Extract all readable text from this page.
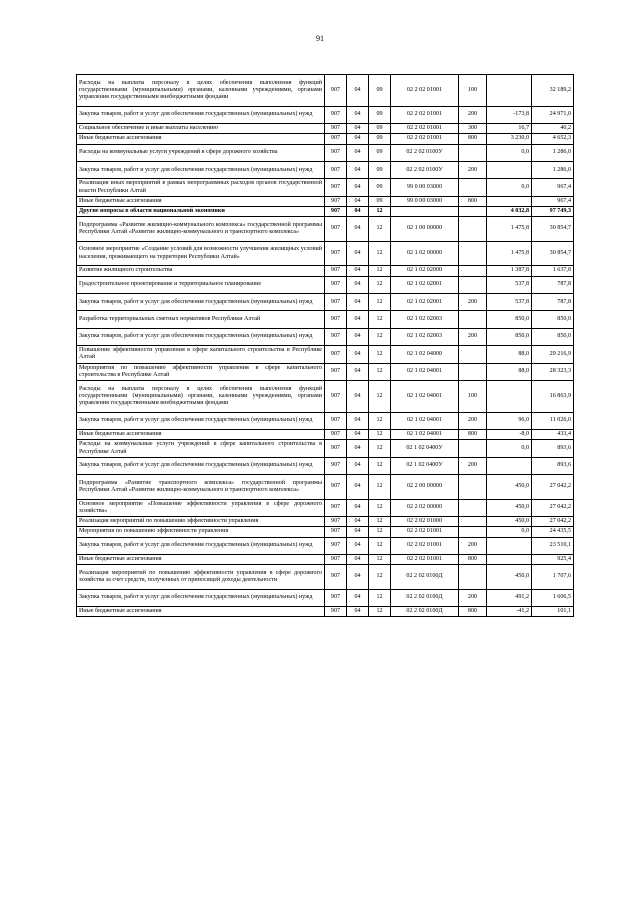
91
Расходы на выплаты персоналу в целях обеспечения выполнения функций государственными (муниципальными) органами, казенными учреждениями, органами управления государственными внебюджетными фондами	907	04	09	02 2 02 01001	100		32 189,2
Закупка товаров, работ и услуг для обеспечения государственных (муниципальных) нужд	907	04	09	02 2 02 01001	200	-173,8	24 971,0
Социальное обеспечение и иные выплаты населению	907	04	09	02 2 02 01001	300	16,7	40,2
Иные бюджетные ассигнования	907	04	09	02 2 02 01001	800	3 230,0	4 652,3
Расходы на коммунальные услуги учреждений в сфере дорожного хозяйства	907	04	09	02 2 02 0100У		0,0	1 286,0
Закупка товаров, работ и услуг для обеспечения государственных (муниципальных) нужд	907	04	09	02 2 02 0100У	200		1 286,0
Реализация иных мероприятий в рамках непрограммных расходов органов государственной власти Республики Алтай	907	04	09	99 0 00 03000		0,0	967,4
Иные бюджетные ассигнования	907	04	09	99 0 00 03000	800		967,4
Другие вопросы в области национальной экономики	907	04	12			4 032,8	97 749,3
Подпрограмма «Развитие жилищно-коммунального комплекса» государственной программы Республики Алтай «Развитие жилищно-коммунального и транспортного комплекса»	907	04	12	02 1 00 00000		1 475,8	30 854,7
Основное мероприятие «Создание условий для возможности улучшения жилищных условий населения, проживающего на территории Республики Алтай»	907	04	12	02 1 02 00000		1 475,8	30 854,7
Развитие жилищного строительства	907	04	12	02 1 02 02000		1 387,8	1 637,8
Градостроительное проектирование и территориальное планирование	907	04	12	02 1 02 02001		537,8	787,8
Закупка товаров, работ и услуг для обеспечения государственных (муниципальных) нужд	907	04	12	02 1 02 02001	200	537,8	787,8
Разработка территориальных сметных нормативов Республики Алтай	907	04	12	02 1 02 02003		850,0	850,0
Закупка товаров, работ и услуг для обеспечения государственных (муниципальных) нужд	907	04	12	02 1 02 02003	200	850,0	850,0
Повышение эффективности управления в сфере капитального строительства в Республике Алтай	907	04	12	02 1 02 04000		88,0	29 216,9
Мероприятия по повышению эффективности управления в сфере капитального строительства в Республике Алтай	907	04	12	02 1 02 04001		88,0	28 323,3
Расходы на выплаты персоналу в целях обеспечения выполнения функций государственными (муниципальными) органами, казенными учреждениями, органами управления государственными внебюджетными фондами	907	04	12	02 1 02 04001	100		16 863,9
Закупка товаров, работ и услуг для обеспечения государственных (муниципальных) нужд	907	04	12	02 1 02 04001	200	96,0	11 026,0
Иные бюджетные ассигнования	907	04	12	02 1 02 04001	800	-8,0	433,4
Расходы на коммунальные услуги учреждений в сфере капитального строительства в Республике Алтай	907	04	12	02 1 02 0400У		0,0	893,6
Закупка товаров, работ и услуг для обеспечения государственных (муниципальных) нужд	907	04	12	02 1 02 0400У	200		893,6
Подпрограмма «Развитие транспортного комплекса» государственной программы Республики Алтай «Развитие жилищно-коммунального и транспортного комплекса»	907	04	12	02 2 00 00000		450,0	27 042,2
Основное мероприятие «Повышение эффективности управления в сфере дорожного хозяйства»	907	04	12	02 2 02 00000		450,0	27 042,2
Реализация мероприятий по повышению эффективности управления	907	04	12	02 2 02 01000		450,0	27 042,2
Мероприятия по повышению эффективности управления	907	04	12	02 2 02 01001		0,0	24 435,5
Закупка товаров, работ и услуг для обеспечения государственных (муниципальных) нужд	907	04	12	02 2 02 01001	200		23 510,1
Иные бюджетные ассигнования	907	04	12	02 2 02 01001	800		925,4
Реализация мероприятий по повышению эффективности управления в сфере дорожного хозяйства за счет средств, полученных от приносящей доходы деятельности	907	04	12	02 2 02 0100Д		450,0	1 707,6
Закупка товаров, работ и услуг для обеспечения государственных (муниципальных) нужд	907	04	12	02 2 02 0100Д	200	491,2	1 606,5
Иные бюджетные ассигнования	907	04	12	02 2 02 0100Д	800	-41,2	101,1
